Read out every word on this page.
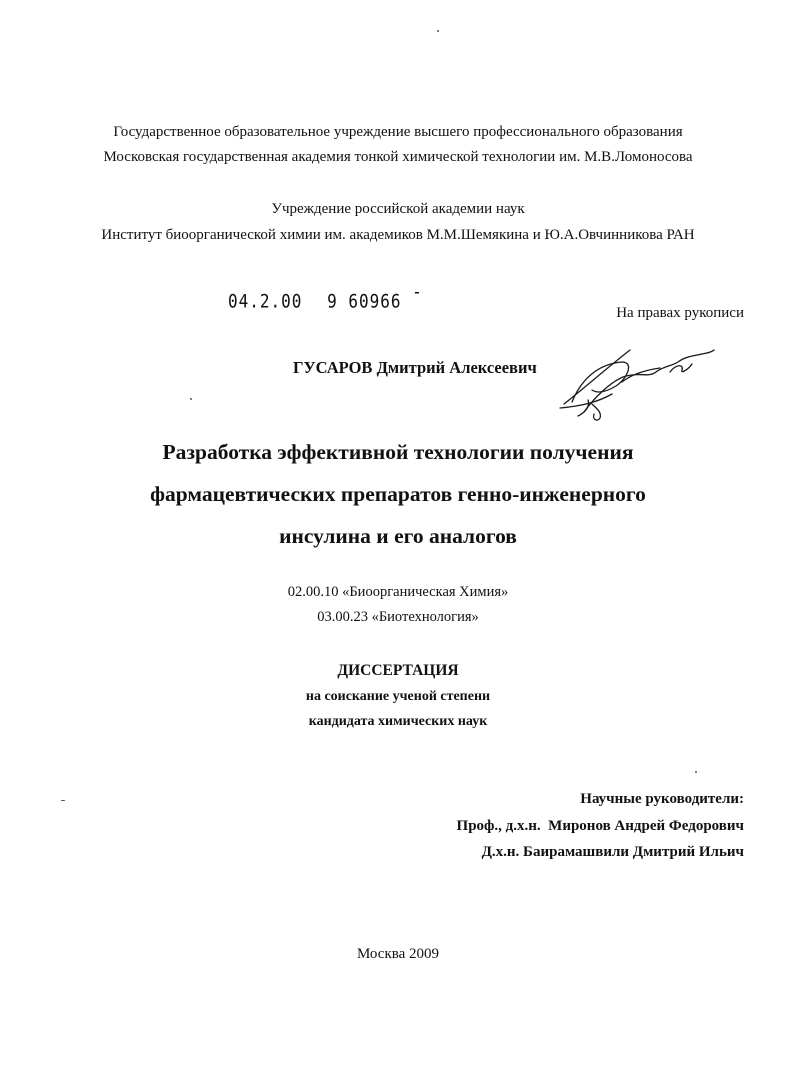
Государственное образовательное учреждение высшего профессионального образования
Московская государственная академия тонкой химической технологии им. М.В.Ломоносова
Учреждение российской академии наук
Институт биоорганической химии им. академиков М.М.Шемякина и Ю.А.Овчинникова РАН
04.2.00 9 60966 -
На правах рукописи
ГУСАРОВ Дмитрий Алексеевич
Разработка эффективной технологии получения
фармацевтических препаратов генно-инженерного
инсулина и его аналогов
02.00.10 «Биоорганическая Химия»
03.00.23 «Биотехнология»
ДИССЕРТАЦИЯ
на соискание ученой степени
кандидата химических наук
Научные руководители:
Проф., д.х.н.  Миронов Андрей Федорович
Д.х.н. Баирамашвили Дмитрий Ильич
Москва 2009
